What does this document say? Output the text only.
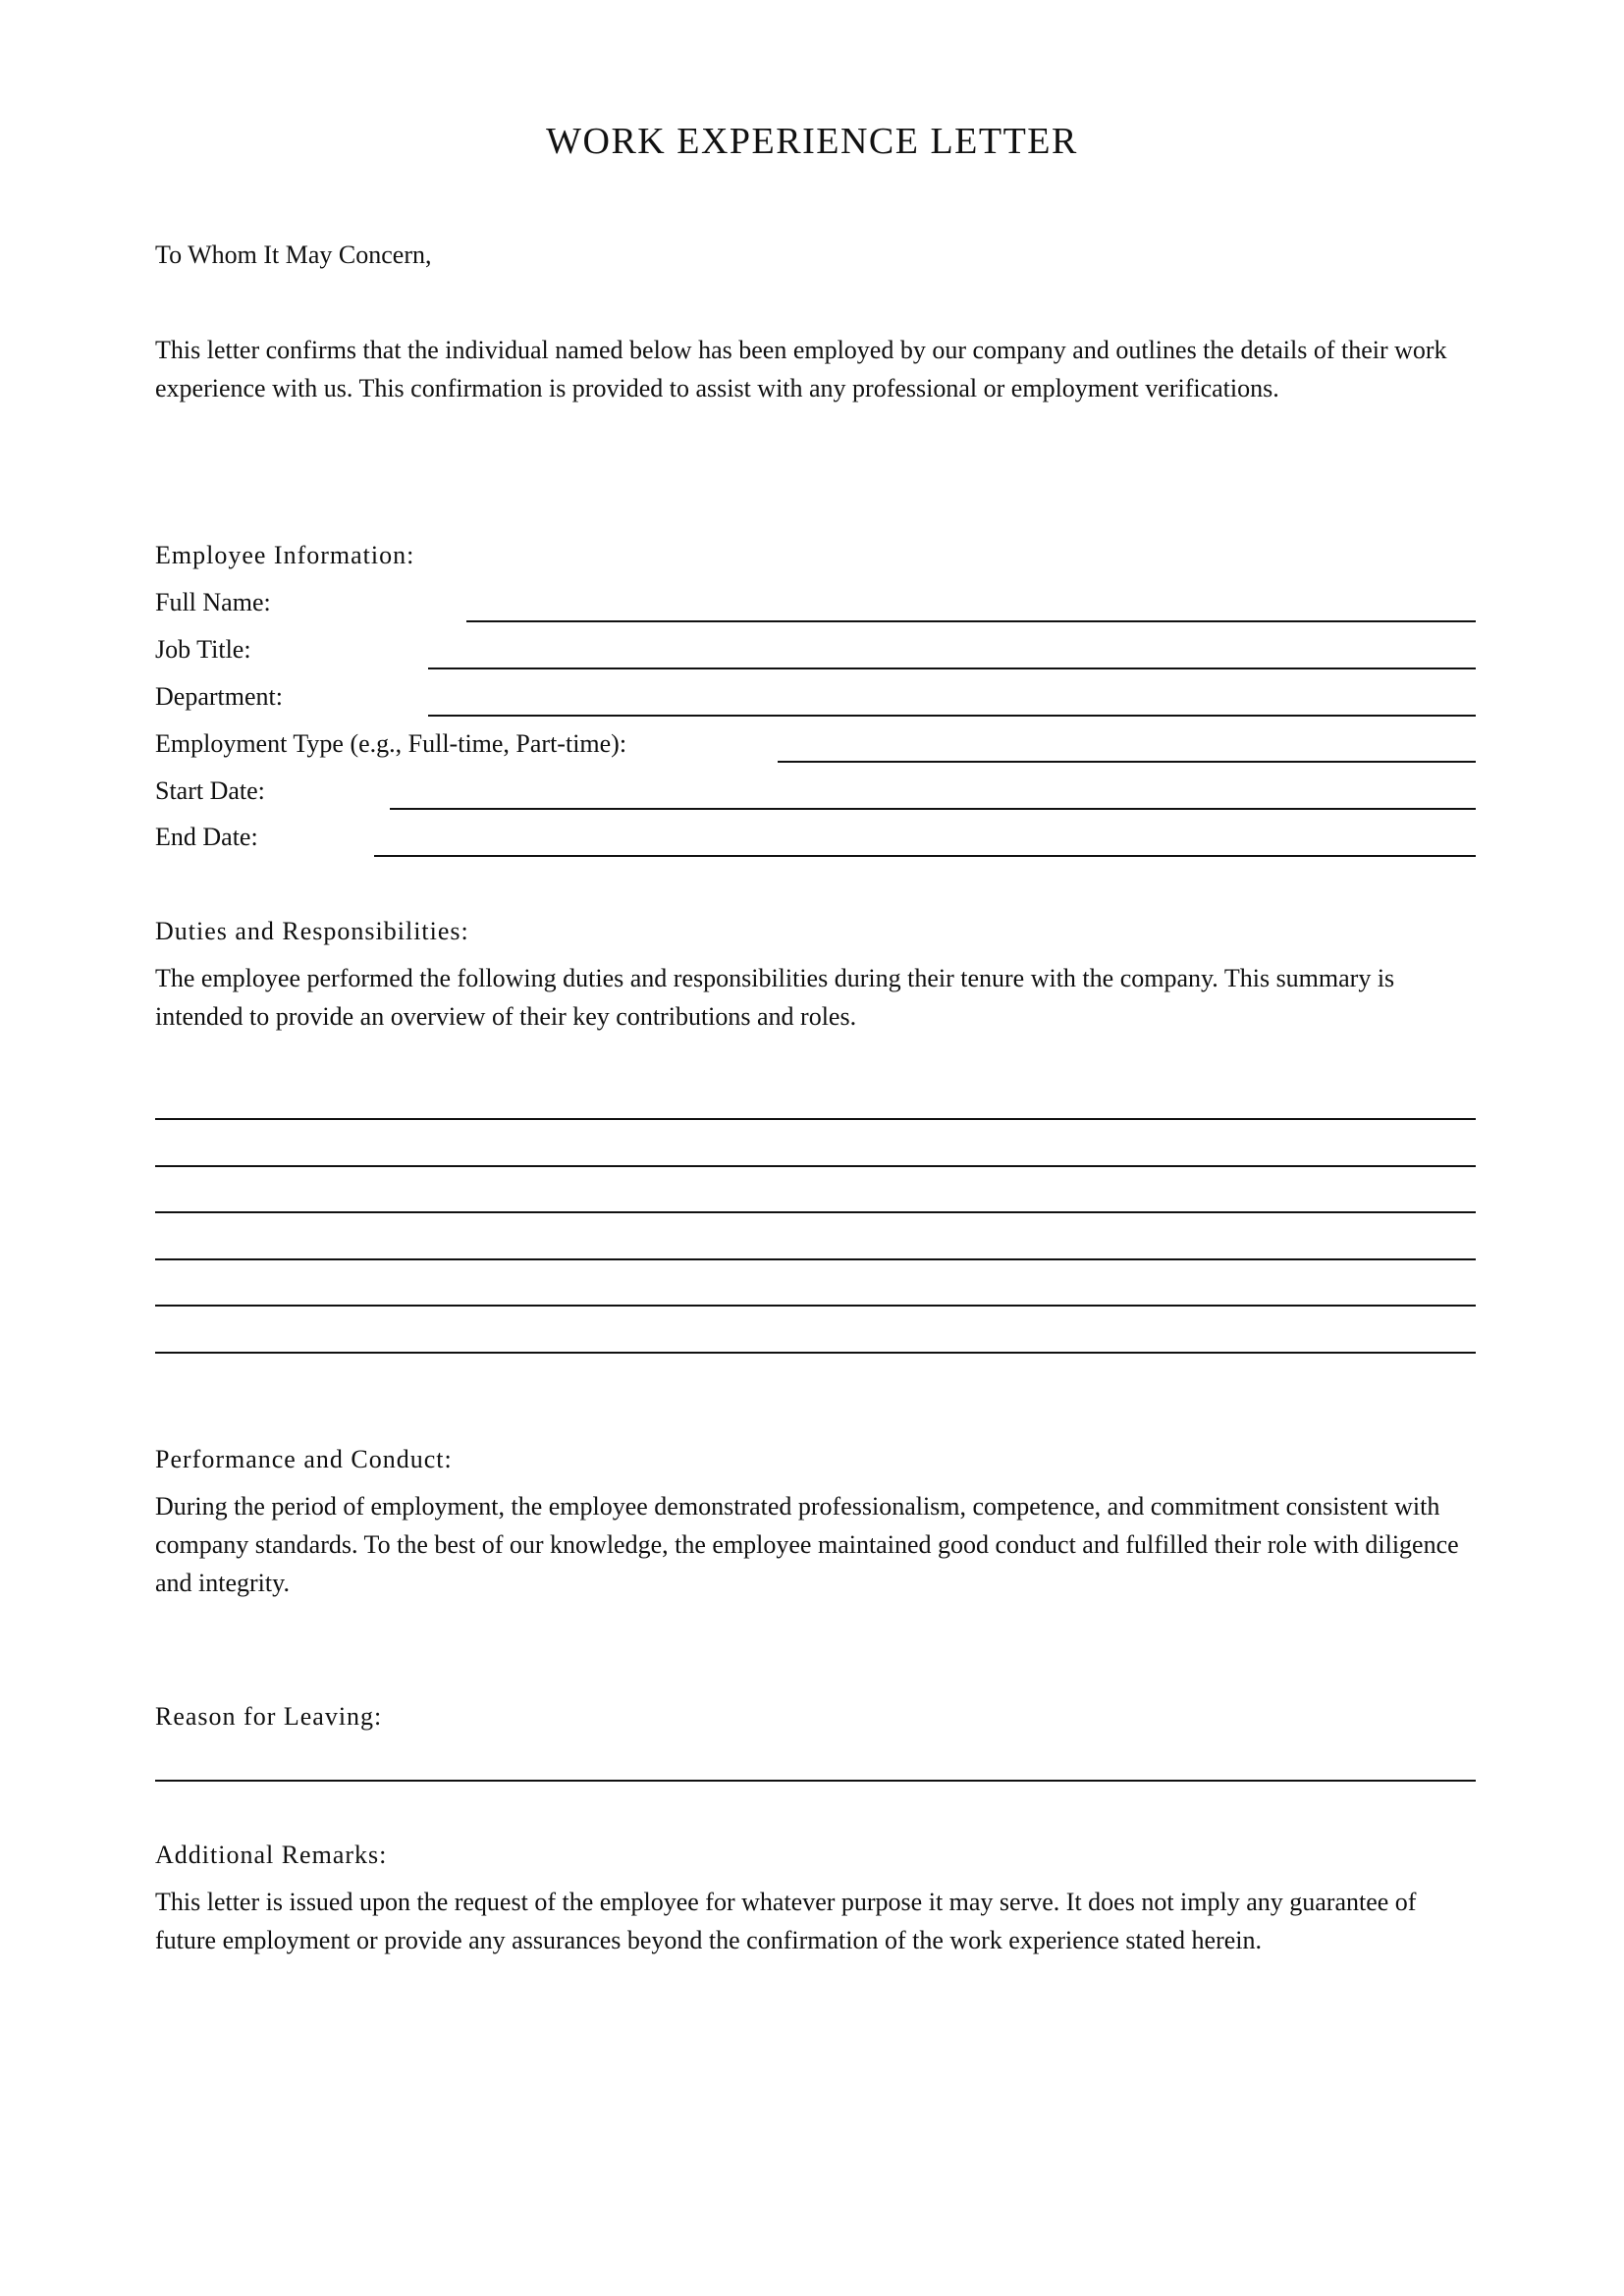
WORK EXPERIENCE LETTER

To Whom It May Concern,

This letter confirms that the individual named below has been employed by our company and outlines the details of their work experience with us. This confirmation is provided to assist with any professional or employment verifications.

Employee Information:
Full Name:
Job Title:
Department:
Employment Type (e.g., Full-time, Part-time):
Start Date:
End Date:
Duties and Responsibilities:

The employee performed the following duties and responsibilities during their tenure with the company. This summary is intended to provide an overview of their key contributions and roles.

Performance and Conduct:

During the period of employment, the employee demonstrated professionalism, competence, and commitment consistent with company standards. To the best of our knowledge, the employee maintained good conduct and fulfilled their role with diligence and integrity.

Reason for Leaving:
Additional Remarks:

This letter is issued upon the request of the employee for whatever purpose it may serve. It does not imply any guarantee of future employment or provide any assurances beyond the confirmation of the work experience stated herein.
